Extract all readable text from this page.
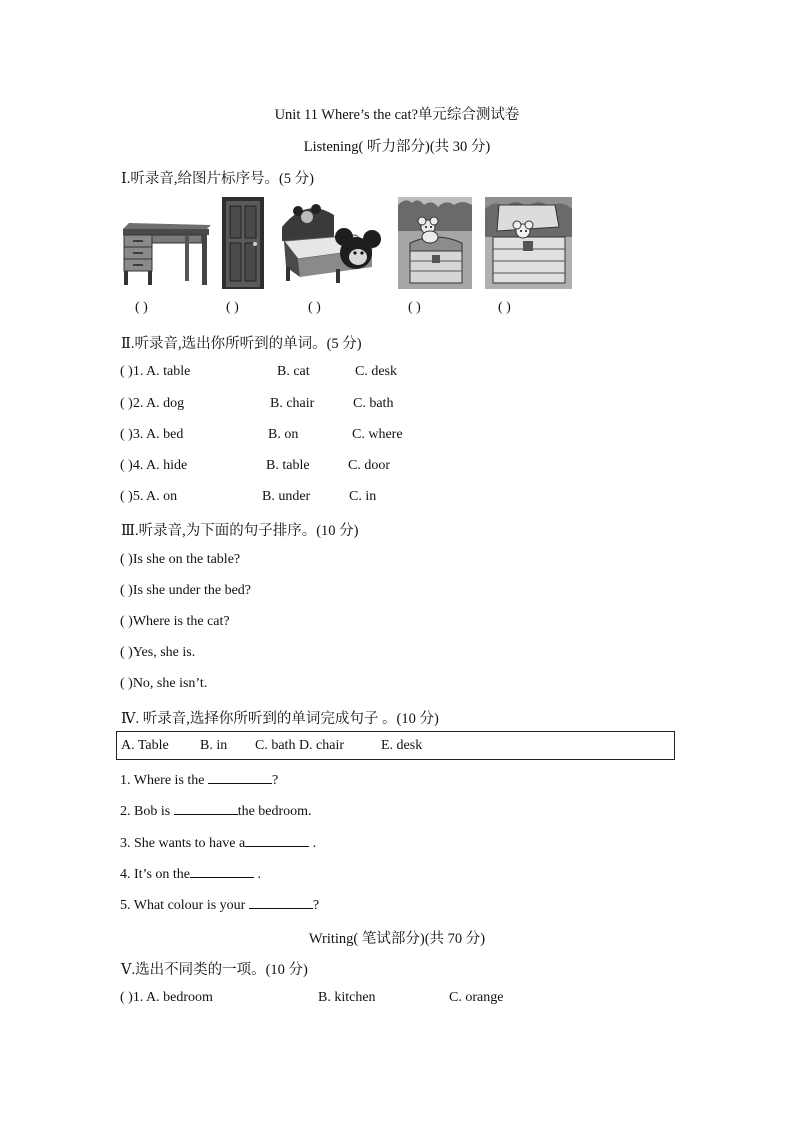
Unit 11 Where’s the cat?单元综合测试卷
Listening( 听力部分)(共 30 分)
Ⅰ.听录音,给图片标序号。(5 分)
( )	( )	( )	( )	( )
Ⅱ.听录音,选出你所听到的单词。(5 分)
( )1. A. table	B. cat	C. desk
( )2. A. dog	B. chair	C. bath
( )3. A. bed	B. on	C. where
( )4. A. hide	B. table	C. door
( )5. A. on	B. under	C. in
Ⅲ.听录音,为下面的句子排序。(10 分)
( )Is she on the table?
( )Is she under the bed?
( )Where is the cat?
( )Yes, she is.
( )No, she isn’t.
Ⅳ. 听录音,选择你所听到的单词完成句子 。(10 分)
A. Table B. in C. bath D. chair	E. desk
1. Where is the	?
2. Bob is	the bedroom.
3. She wants to have a	.
4. It’s on the	.
5. What colour is your	?
Writing( 笔试部分)(共 70 分)
Ⅴ.选出不同类的一项。(10 分)
( )1. A. bedroom	B. kitchen	C. orange
